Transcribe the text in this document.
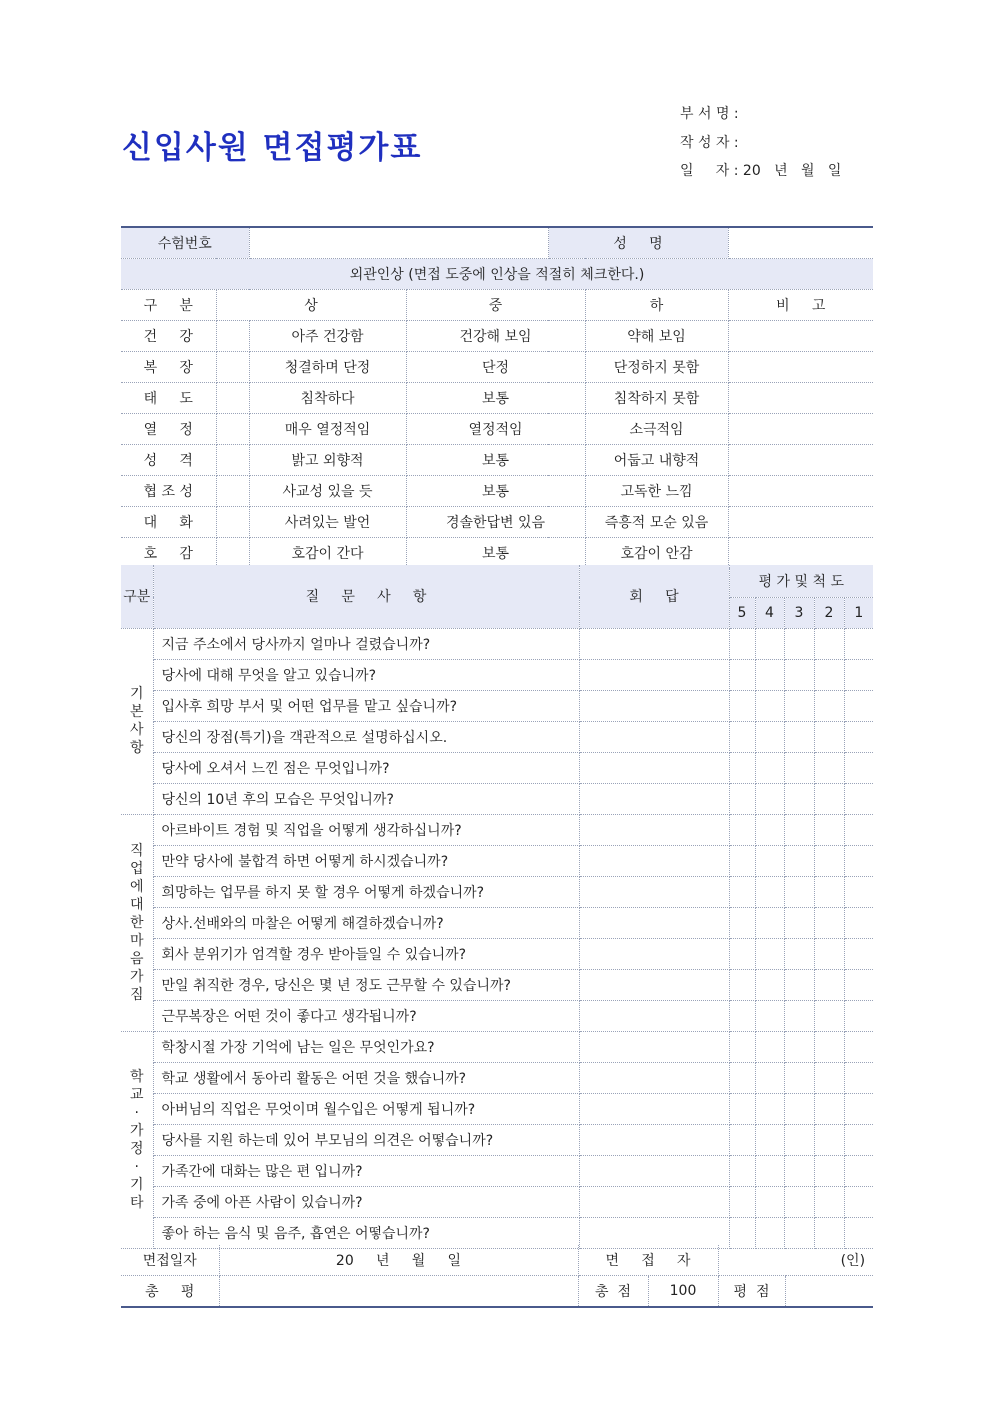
신입사원 면접평가표
부 서 명 :
작 성 자 :
일     자 : 20   년   월   일
수험번호				성     명		
외관인상 (면접 도중에 인상을 적절히 체크한다.)						
구     분	상		중		하	비     고
건     강		아주 건강함	건강해 보임		약해 보임	
복     장		청결하며 단정	단정		단정하지 못함	
태     도		침착하다	보통		침착하지 못함	
열     정		매우 열정적임	열정적임		소극적임	
성     격		밝고 외향적	보통		어둡고 내향적	
협 조 성		사교성 있을 듯	보통		고독한 느낌	
대     화		사려있는 발언	경솔한답변 있음		즉흥적 모순 있음	
호     감		호감이 간다	보통		호감이 안감	
구분	질     문     사     항	회     답	평 가 및 척 도				
			5	4	3	2	1
기본사항	지금 주소에서 당사까지 얼마나 걸렸습니까?						
	당사에 대해 무엇을 알고 있습니까?						
	입사후 희망 부서 및 어떤 업무를 맡고 싶습니까?						
	당신의 장점(특기)을 객관적으로 설명하십시오.						
	당사에 오셔서 느낀 점은 무엇입니까?						
	당신의 10년 후의 모습은 무엇입니까?						
직업에대한마음가짐	아르바이트 경험 및 직업을 어떻게 생각하십니까?						
	만약 당사에 불합격 하면 어떻게 하시겠습니까?						
	희망하는 업무를 하지 못 할 경우 어떻게 하겠습니까?						
	상사.선배와의 마찰은 어떻게 해결하겠습니까?						
	회사 분위기가 엄격할 경우 받아들일 수 있습니까?						
	만일 취직한 경우, 당신은 몇 년 정도 근무할 수 있습니까?						
	근무복장은 어떤 것이 좋다고 생각됩니까?						
학교·가정·기타	학창시절 가장 기억에 남는 일은 무엇인가요?						
	학교 생활에서 동아리 활동은 어떤 것을 했습니까?						
	아버님의 직업은 무엇이며 월수입은 어떻게 됩니까?						
	당사를 지원 하는데 있어 부모님의 의견은 어떻습니까?						
	가족간에 대화는 많은 편 입니까?						
	가족 중에 아픈 사람이 있습니까?						
	좋아 하는 음식 및 음주, 흡연은 어떻습니까?						
면접일자	20     년     월     일	면     접     자		(인)	
총     평		총  점	100	평  점	
